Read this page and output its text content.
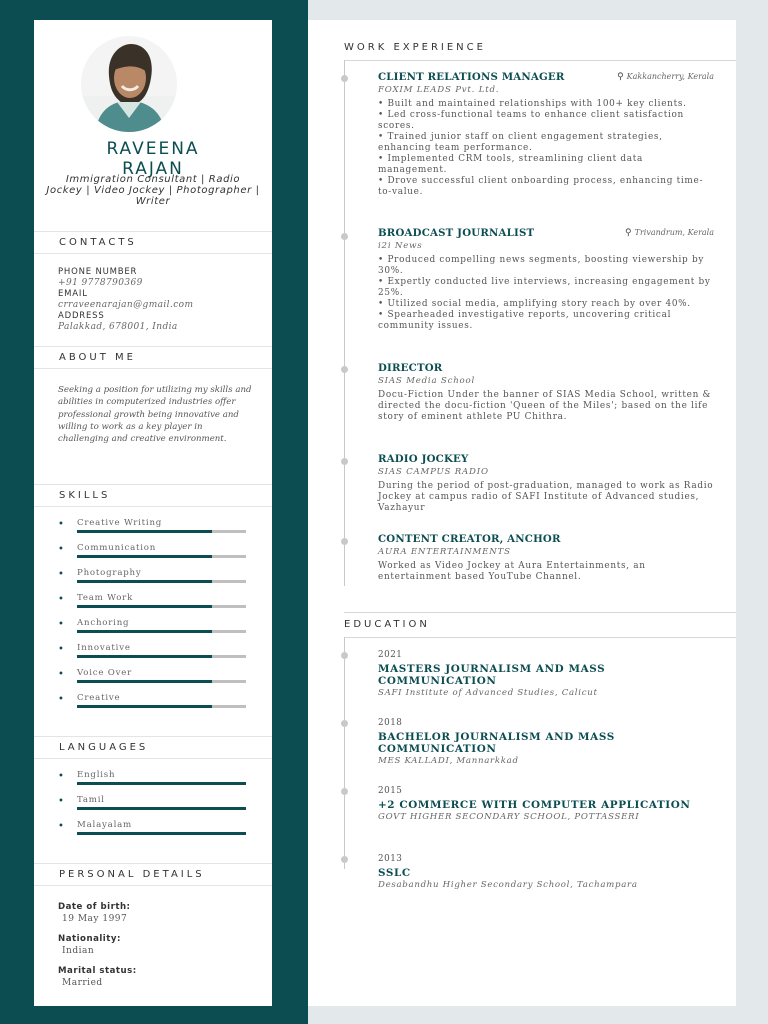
RAVEENA
RAJAN
Immigration Consultant | Radio Jockey | Video Jockey | Photographer | Writer
CONTACTS
PHONE NUMBER
+91 9778790369
EMAIL
crraveenarajan@gmail.com
ADDRESS
Palakkad, 678001, India
ABOUT ME
Seeking a position for utilizing my skills and abilities in computerized industries offer professional growth being innovative and willing to work as a key player in challenging and creative environment.
SKILLS
• Creative Writing
• Communication
• Photography
• Team Work
• Anchoring
• Innovative
• Voice Over
• Creative
LANGUAGES
• English
• Tamil
• Malayalam
PERSONAL DETAILS
Date of birth:
19 May 1997
Nationality:
Indian
Marital status:
Married
WORK EXPERIENCE
CLIENT RELATIONS MANAGER	⚲ Kakkancherry, Kerala
FOXIM LEADS Pvt. Ltd.
• Built and maintained relationships with 100+ key clients.
• Led cross-functional teams to enhance client satisfaction scores.
• Trained junior staff on client engagement strategies, enhancing team performance.
• Implemented CRM tools, streamlining client data management.
• Drove successful client onboarding process, enhancing time-to-value.
BROADCAST JOURNALIST	⚲ Trivandrum, Kerala
i2i News
• Produced compelling news segments, boosting viewership by 30%.
• Expertly conducted live interviews, increasing engagement by 25%.
• Utilized social media, amplifying story reach by over 40%.
• Spearheaded investigative reports, uncovering critical community issues.
DIRECTOR
SIAS Media School
Docu-Fiction Under the banner of SIAS Media School, written & directed the docu-fiction 'Queen of the Miles'; based on the life story of eminent athlete PU Chithra.
RADIO JOCKEY
SIAS CAMPUS RADIO
During the period of post-graduation, managed to work as Radio Jockey at campus radio of SAFI Institute of Advanced studies, Vazhayur
CONTENT CREATOR, ANCHOR
AURA ENTERTAINMENTS
Worked as Video Jockey at Aura Entertainments, an entertainment based YouTube Channel.
EDUCATION
2021
MASTERS JOURNALISM AND MASS COMMUNICATION
SAFI Institute of Advanced Studies, Calicut
2018
BACHELOR JOURNALISM AND MASS COMMUNICATION
MES KALLADI, Mannarkkad
2015
+2 COMMERCE WITH COMPUTER APPLICATION
GOVT HIGHER SECONDARY SCHOOL, POTTASSERI
2013
SSLC
Desabandhu Higher Secondary School, Tachampara
